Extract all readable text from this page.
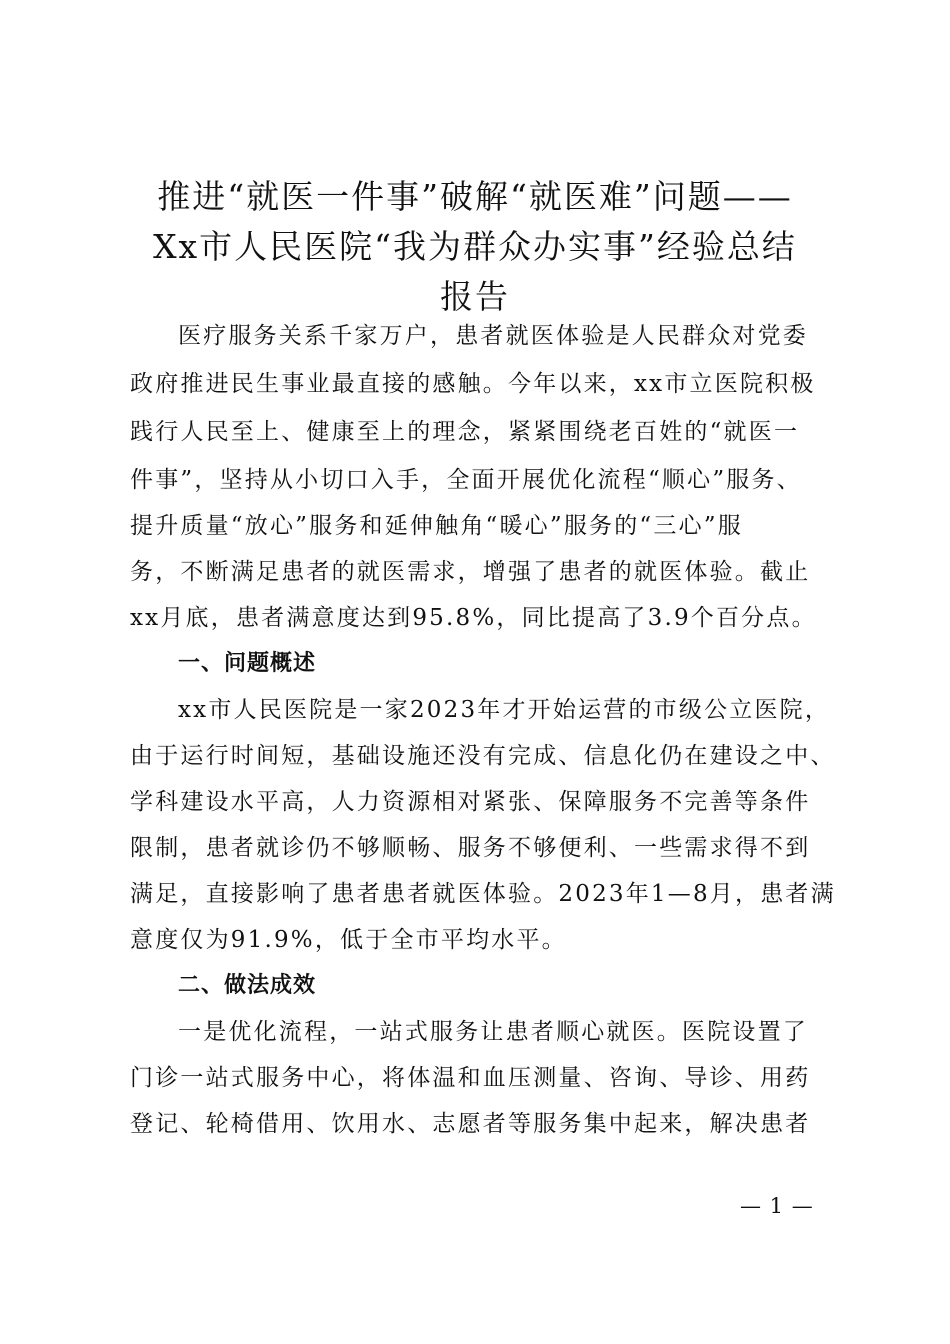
推进“就医一件事”破解“就医难”问题——
Xx市人民医院“我为群众办实事”经验总结
报告
医疗服务关系千家万户，患者就医体验是人民群众对党委
政府推进民生事业最直接的感触。今年以来，xx市立医院积极
践行人民至上、健康至上的理念，紧紧围绕老百姓的“就医一
件事”，坚持从小切口入手，全面开展优化流程“顺心”服务、
提升质量“放心”服务和延伸触角“暖心”服务的“三心”服
务，不断满足患者的就医需求，增强了患者的就医体验。截止
xx月底，患者满意度达到95.8%，同比提高了3.9个百分点。
一、问题概述
xx市人民医院是一家2023年才开始运营的市级公立医院，
由于运行时间短，基础设施还没有完成、信息化仍在建设之中、
学科建设水平高，人力资源相对紧张、保障服务不完善等条件
限制，患者就诊仍不够顺畅、服务不够便利、一些需求得不到
满足，直接影响了患者患者就医体验。2023年1—8月，患者满
意度仅为91.9%，低于全市平均水平。
二、做法成效
一是优化流程，一站式服务让患者顺心就医。医院设置了
门诊一站式服务中心，将体温和血压测量、咨询、导诊、用药
登记、轮椅借用、饮用水、志愿者等服务集中起来，解决患者
— 1 —
